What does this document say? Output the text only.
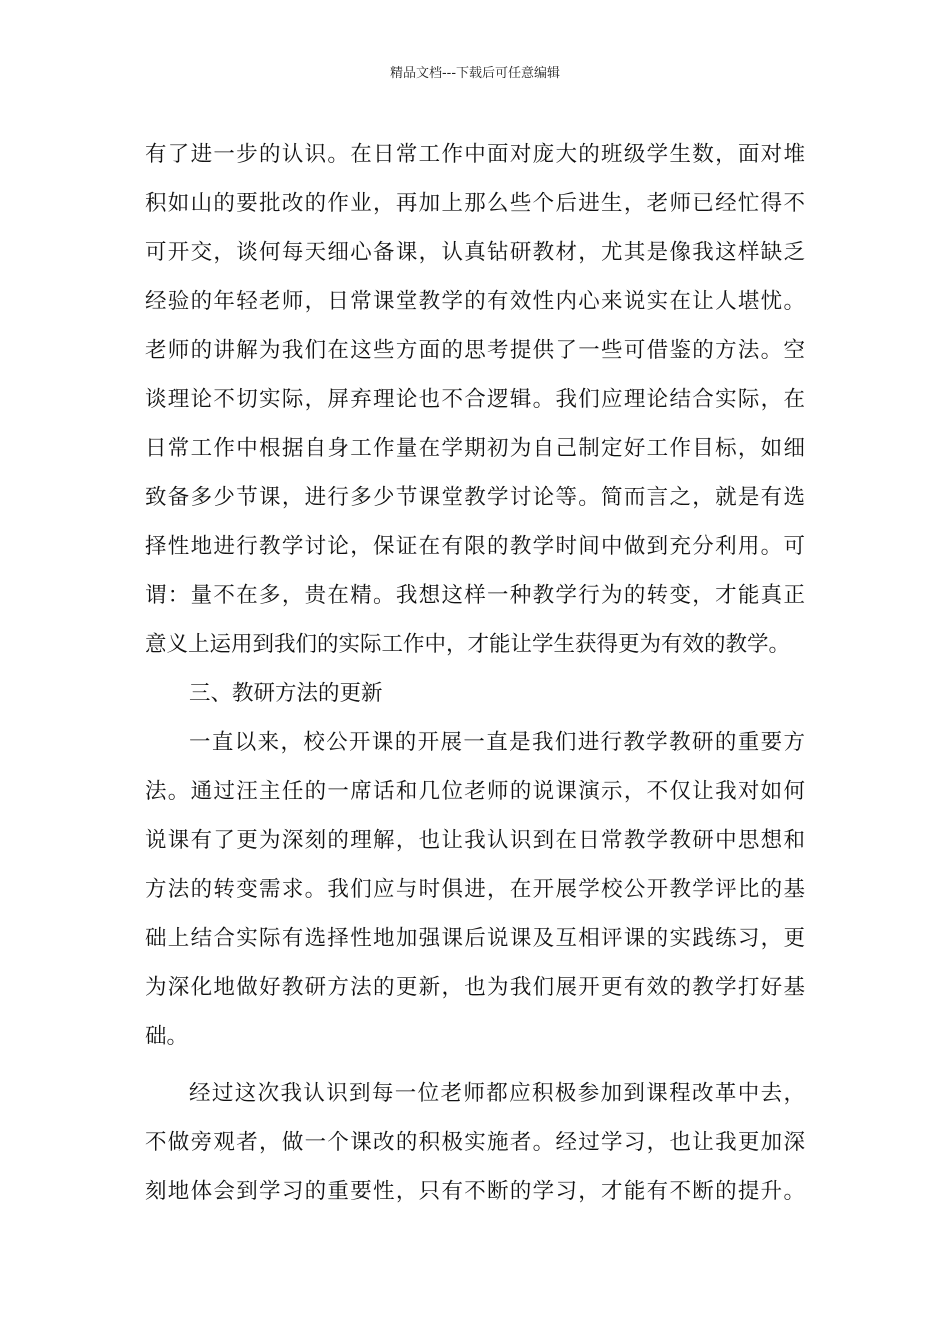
精品文档---下载后可任意编辑
有了进一步的认识。在日常工作中面对庞大的班级学生数，面对堆
积如山的要批改的作业，再加上那么些个后进生，老师已经忙得不
可开交，谈何每天细心备课，认真钻研教材，尤其是像我这样缺乏
经验的年轻老师，日常课堂教学的有效性内心来说实在让人堪忧。
老师的讲解为我们在这些方面的思考提供了一些可借鉴的方法。空
谈理论不切实际，屏弃理论也不合逻辑。我们应理论结合实际，在
日常工作中根据自身工作量在学期初为自己制定好工作目标，如细
致备多少节课，进行多少节课堂教学讨论等。简而言之，就是有选
择性地进行教学讨论，保证在有限的教学时间中做到充分利用。可
谓：量不在多，贵在精。我想这样一种教学行为的转变，才能真正
意义上运用到我们的实际工作中，才能让学生获得更为有效的教学。
三、教研方法的更新
一直以来，校公开课的开展一直是我们进行教学教研的重要方
法。通过汪主任的一席话和几位老师的说课演示，不仅让我对如何
说课有了更为深刻的理解，也让我认识到在日常教学教研中思想和
方法的转变需求。我们应与时俱进，在开展学校公开教学评比的基
础上结合实际有选择性地加强课后说课及互相评课的实践练习，更
为深化地做好教研方法的更新，也为我们展开更有效的教学打好基
础。
经过这次我认识到每一位老师都应积极参加到课程改革中去，
不做旁观者，做一个课改的积极实施者。经过学习，也让我更加深
刻地体会到学习的重要性，只有不断的学习，才能有不断的提升。
